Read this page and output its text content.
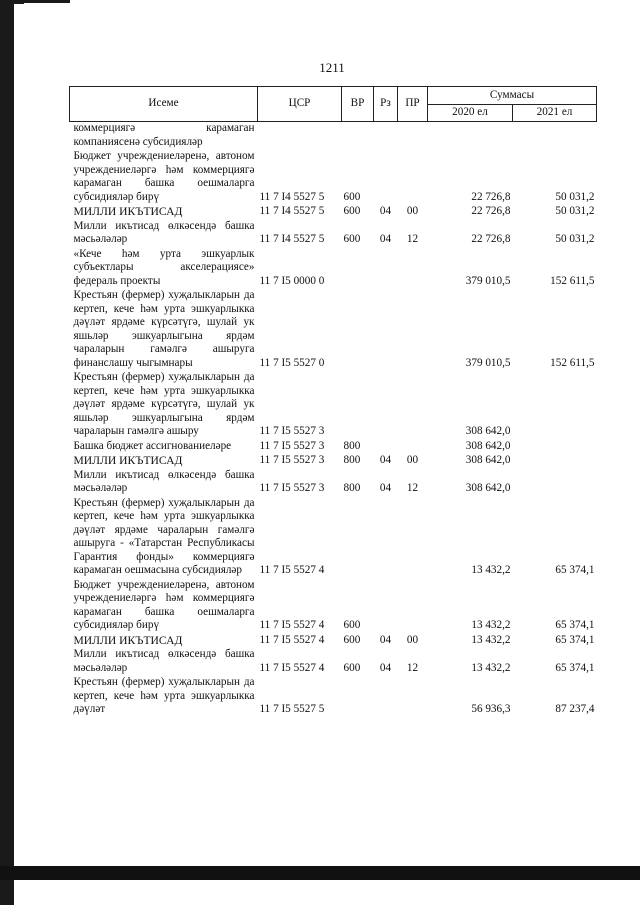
1211
Исеме	ЦСР	ВР	Рз	ПР	Суммасы	
					2020 ел	2021 ел
коммерциягә карамаган компаниясенә субсидияләр						
Бюджет учреждениеләренә, автоном учреждениеләргә һәм коммерциягә карамаган башка оешмаларга субсидияләр бирү	11 7 I4 5527 5	600			22 726,8	50 031,2
МИЛЛИ ИКЪТИСАД	11 7 I4 5527 5	600	04	00	22 726,8	50 031,2
Милли икътисад өлкәсендә башка мәсьәләләр	11 7 I4 5527 5	600	04	12	22 726,8	50 031,2
«Кече һәм урта эшкуарлык субъектлары акселерациясе» федераль проекты	11 7 I5 0000 0				379 010,5	152 611,5
Крестьян (фермер) хуҗалыкларын да кертеп, кече һәм урта эшкуарлыкка дәүләт ярдәме күрсәтүгә, шулай ук яшьләр эшкуарлыгына ярдәм чараларын гамәлгә ашыруга финанслашу чыгымнары	11 7 I5 5527 0				379 010,5	152 611,5
Крестьян (фермер) хуҗалыкларын да кертеп, кече һәм урта эшкуарлыкка дәүләт ярдәме күрсәтүгә, шулай ук яшьләр эшкуарлыгына ярдәм чараларын гамәлгә ашыру	11 7 I5 5527 3				308 642,0	
Башка бюджет ассигнованиеләре	11 7 I5 5527 3	800			308 642,0	
МИЛЛИ ИКЪТИСАД	11 7 I5 5527 3	800	04	00	308 642,0	
Милли икътисад өлкәсендә башка мәсьәләләр	11 7 I5 5527 3	800	04	12	308 642,0	
Крестьян (фермер) хуҗалыкларын да кертеп, кече һәм урта эшкуарлыкка дәүләт ярдәме чараларын гамәлгә ашыруга - «Татарстан Республикасы Гарантия фонды» коммерциягә карамаган оешмасына субсидияләр	11 7 I5 5527 4				13 432,2	65 374,1
Бюджет учреждениеләренә, автоном учреждениеләргә һәм коммерциягә карамаган башка оешмаларга субсидияләр бирү	11 7 I5 5527 4	600			13 432,2	65 374,1
МИЛЛИ ИКЪТИСАД	11 7 I5 5527 4	600	04	00	13 432,2	65 374,1
Милли икътисад өлкәсендә башка мәсьәләләр	11 7 I5 5527 4	600	04	12	13 432,2	65 374,1
Крестьян (фермер) хуҗалыкларын да кертеп, кече һәм урта эшкуарлыкка дәүләт	11 7 I5 5527 5				56 936,3	87 237,4
